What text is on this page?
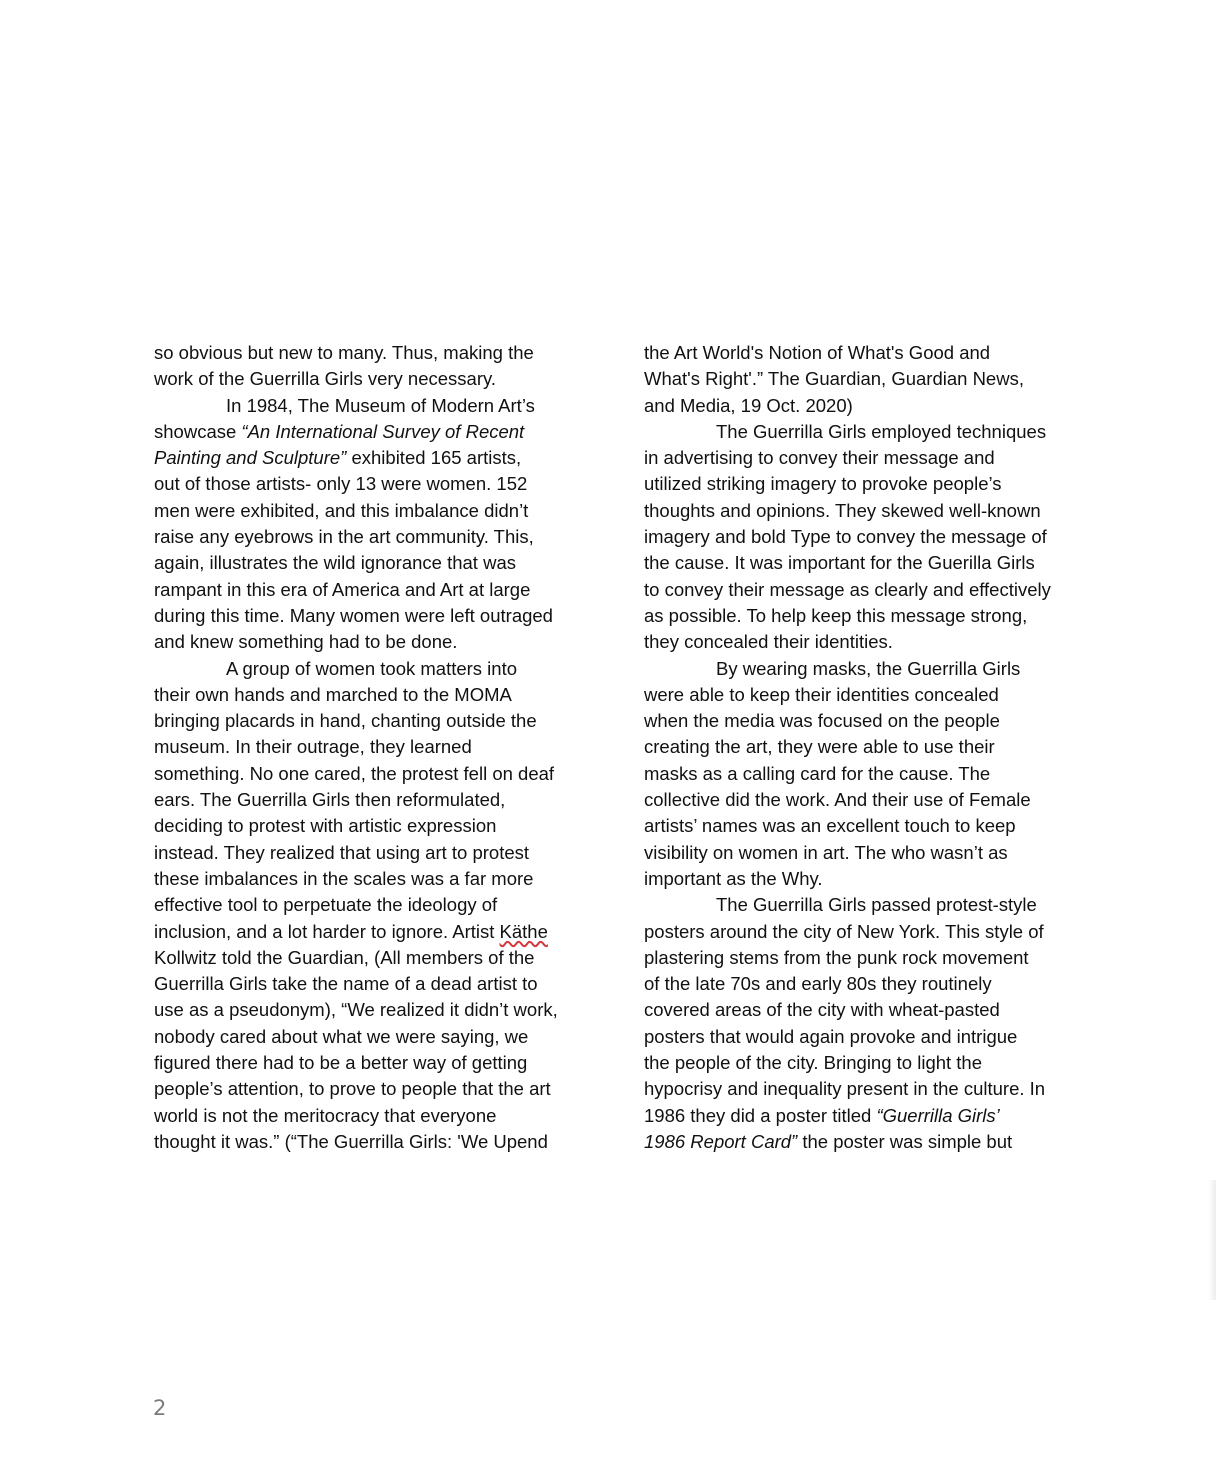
so obvious but new to many. Thus, making the
work of the Guerrilla Girls very necessary.
In 1984, The Museum of Modern Art’s
showcase “An International Survey of Recent
Painting and Sculpture” exhibited 165 artists,
out of those artists- only 13 were women. 152
men were exhibited, and this imbalance didn’t
raise any eyebrows in the art community. This,
again, illustrates the wild ignorance that was
rampant in this era of America and Art at large
during this time. Many women were left outraged
and knew something had to be done.
A group of women took matters into
their own hands and marched to the MOMA
bringing placards in hand, chanting outside the
museum. In their outrage, they learned
something. No one cared, the protest fell on deaf
ears. The Guerrilla Girls then reformulated,
deciding to protest with artistic expression
instead. They realized that using art to protest
these imbalances in the scales was a far more
effective tool to perpetuate the ideology of
inclusion, and a lot harder to ignore. Artist Käthe
Kollwitz told the Guardian, (All members of the
Guerrilla Girls take the name of a dead artist to
use as a pseudonym), “We realized it didn’t work,
nobody cared about what we were saying, we
figured there had to be a better way of getting
people’s attention, to prove to people that the art
world is not the meritocracy that everyone
thought it was.” (“The Guerrilla Girls: 'We Upend
the Art World's Notion of What's Good and
What's Right'.” The Guardian, Guardian News,
and Media, 19 Oct. 2020)
The Guerrilla Girls employed techniques
in advertising to convey their message and
utilized striking imagery to provoke people’s
thoughts and opinions. They skewed well-known
imagery and bold Type to convey the message of
the cause. It was important for the Guerilla Girls
to convey their message as clearly and effectively
as possible. To help keep this message strong,
they concealed their identities.
By wearing masks, the Guerrilla Girls
were able to keep their identities concealed
when the media was focused on the people
creating the art, they were able to use their
masks as a calling card for the cause. The
collective did the work. And their use of Female
artists’ names was an excellent touch to keep
visibility on women in art. The who wasn’t as
important as the Why.
The Guerrilla Girls passed protest-style
posters around the city of New York. This style of
plastering stems from the punk rock movement
of the late 70s and early 80s they routinely
covered areas of the city with wheat-pasted
posters that would again provoke and intrigue
the people of the city. Bringing to light the
hypocrisy and inequality present in the culture. In
1986 they did a poster titled “Guerrilla Girls’
1986 Report Card” the poster was simple but
2
